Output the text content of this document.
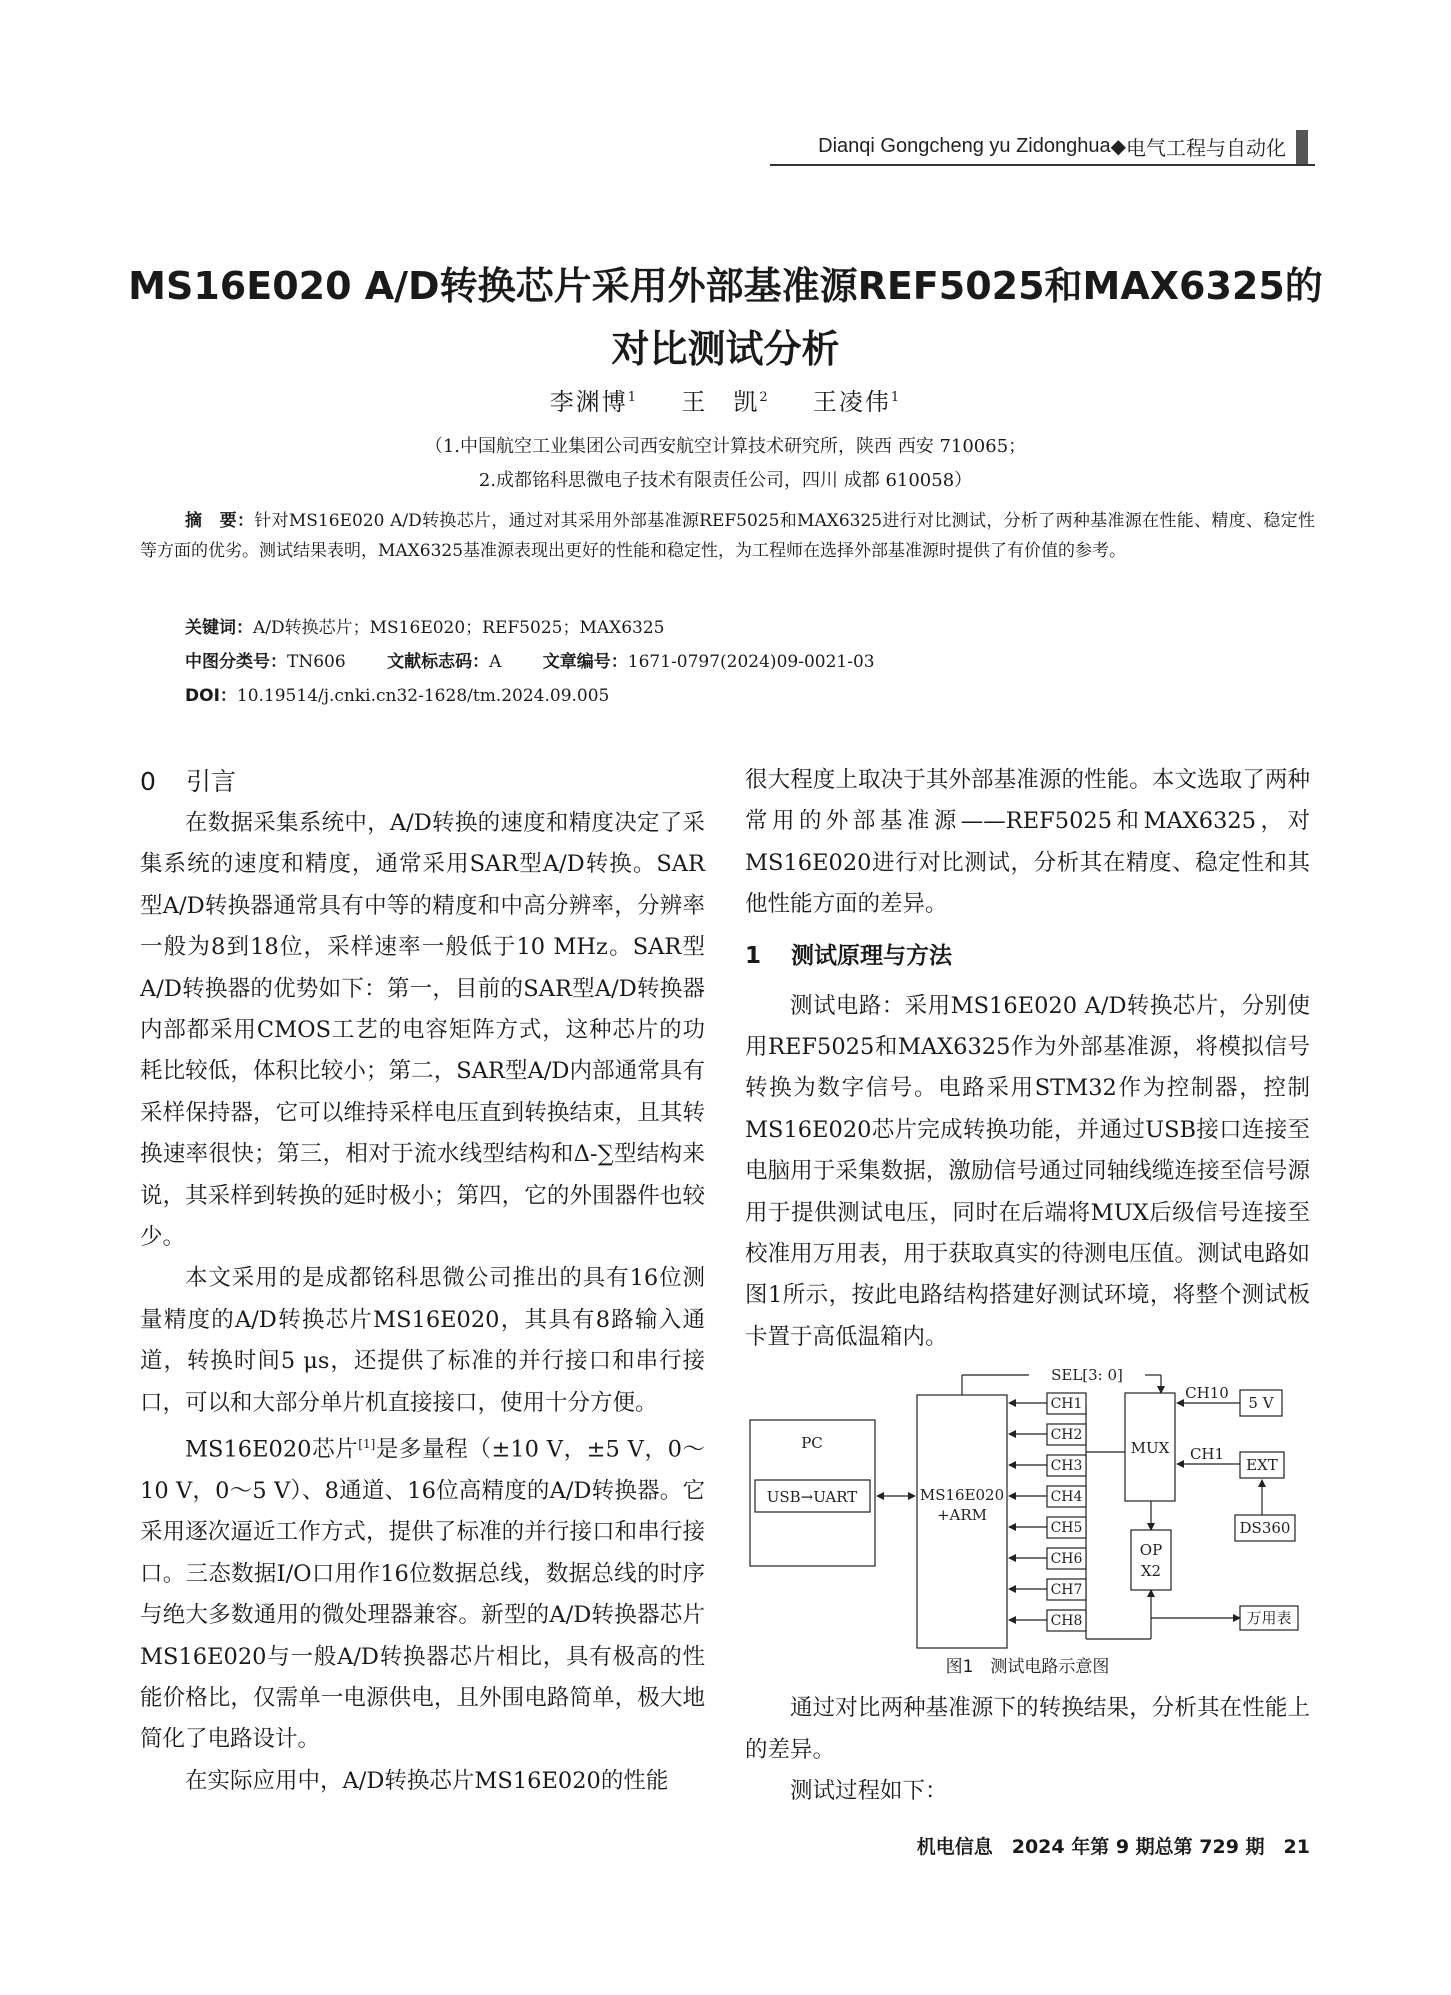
Dianqi Gongcheng yu Zidonghua ◆ 电气工程与自动化
MS16E020 A/D转换芯片采用外部基准源REF5025和MAX6325的
对比测试分析
李渊博$^1$ 王　凯$^2$ 王凌伟$^1$
（1.中国航空工业集团公司西安航空计算技术研究所，陕西 西安 710065；
2.成都铭科思微电子技术有限责任公司，四川 成都 610058）
摘　要：针对MS16E020 A/D转换芯片，通过对其采用外部基准源REF5025和MAX6325进行对比测试，分析了两种基准源在性能、精度、稳定性等方面的优劣。测试结果表明，MAX6325基准源表现出更好的性能和稳定性，为工程师在选择外部基准源时提供了有价值的参考。
关键词：A/D转换芯片；MS16E020；REF5025；MAX6325
中图分类号：TN606 文献标志码：A 文章编号：1671-0797(2024)09-0021-03
DOI：10.19514/j.cnki.cn32-1628/tm.2024.09.005
0 引言

在数据采集系统中，A/D转换的速度和精度决定了采集系统的速度和精度，通常采用SAR型A/D转换。SAR型A/D转换器通常具有中等的精度和中高分辨率，分辨率一般为8到18位，采样速率一般低于10 MHz。SAR型A/D转换器的优势如下：第一，目前的SAR型A/D转换器内部都采用CMOS工艺的电容矩阵方式，这种芯片的功耗比较低，体积比较小；第二，SAR型A/D内部通常具有采样保持器，它可以维持采样电压直到转换结束，且其转换速率很快；第三，相对于流水线型结构和Δ-∑型结构来说，其采样到转换的延时极小；第四，它的外围器件也较少。

本文采用的是成都铭科思微公司推出的具有16位测量精度的A/D转换芯片MS16E020，其具有8路输入通道，转换时间5 μs，还提供了标准的并行接口和串行接口，可以和大部分单片机直接接口，使用十分方便。

MS16E020芯片[1]是多量程（±10 V，±5 V，0～10 V，0～5 V）、8通道、16位高精度的A/D转换器。它采用逐次逼近工作方式，提供了标准的并行接口和串行接口。三态数据I/O口用作16位数据总线，数据总线的时序与绝大多数通用的微处理器兼容。新型的A/D转换器芯片MS16E020与一般A/D转换器芯片相比，具有极高的性能价格比，仅需单一电源供电，且外围电路简单，极大地简化了电路设计。

在实际应用中，A/D转换芯片MS16E020的性能

很大程度上取决于其外部基准源的性能。本文选取了两种常用的外部基准源——REF5025和MAX6325，对MS16E020进行对比测试，分析其在精度、稳定性和其他性能方面的差异。

1 测试原理与方法

测试电路：采用MS16E020 A/D转换芯片，分别使用REF5025和MAX6325作为外部基准源，将模拟信号转换为数字信号。电路采用STM32作为控制器，控制MS16E020芯片完成转换功能，并通过USB接口连接至电脑用于采集数据，激励信号通过同轴线缆连接至信号源用于提供测试电压，同时在后端将MUX后级信号连接至校准用万用表，用于获取真实的待测电压值。测试电路如图1所示，按此电路结构搭建好测试环境，将整个测试板卡置于高低温箱内。

CH1
CH2
CH3
CH4
CH5
CH6
CH7
CH8
PC
USB→UART	MS16E020
+ARM
SEL[3: 0]
MUX
OP
X2
CH10
CH1
5 V
EXT
DS360
万用表
图1　测试电路示意图

通过对比两种基准源下的转换结果，分析其在性能上的差异。

测试过程如下：

机电信息　2024 年第 9 期总第 729 期　21
